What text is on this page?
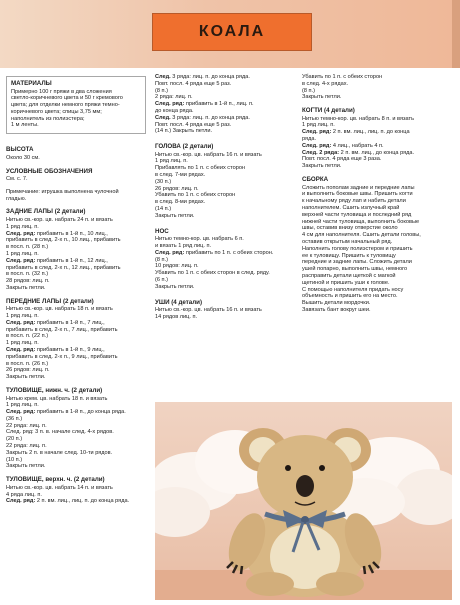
КОАЛА
МАТЕРИАЛЫ
Примерно 100 г пряжи в два сложения
светло-коричневого цвета и 50 г кремового
цвета; для отделки немного пряжи темно-
коричневого цвета; спицы 3,75 мм;
наполнитель из полиэстера;
1 м ленты.
ВЫСОТА
Около 30 см.
УСЛОВНЫЕ ОБОЗНАЧЕНИЯ
См. с. 7.
Примечание: игрушка выполнена чулочной
гладью.
ЗАДНИЕ ЛАПЫ (2 детали)
Нитью св.-кор. цв. набрать 24 п. и вязать
1 ряд лиц. п.
След. ряд: прибавить в 1-й п., 10 лиц.,
прибавить в след. 2-х п., 10 лиц., прибавить
в посл. п. (28 п.)
1 ряд лиц. п.
След. ряд: прибавить в 1-й п., 12 лиц.,
прибавить в след. 2-х п., 12 лиц., прибавить
в посл. п. (32 п.)
28 рядов: лиц. п.
Закрыть петли.
ПЕРЕДНИЕ ЛАПЫ (2 детали)
Нитью св.-кор. цв. набрать 18 п. и вязать
1 ряд лиц. п.
След. ряд: прибавить в 1-й п., 7 лиц.,
прибавить в след. 2-х п., 7 лиц., прибавить
в посл. п. (22 п.)
1 ряд лиц. п.
След. ряд: прибавить в 1-й п., 9 лиц.,
прибавить в след. 2-х п., 9 лиц., прибавить
в посл. п. (26 п.)
26 рядов: лиц. п.
Закрыть петли.
ТУЛОВИЩЕ, нижн. ч. (2 детали)
Нитью крем. цв. набрать 18 п. и вязать
1 ряд лиц. п.
След. ряд: прибавить в 1-й п., до конца ряда.
(36 п.)
22 ряда: лиц. п.
След. ряд: 3 п. в. начале след. 4-х рядов.
(20 п.)
22 ряда: лиц. п.
Закрыть 2 п. в начале след. 10-ти рядов.
(10 п.)
Закрыть петли.
ТУЛОВИЩЕ, верхн. ч. (2 детали)
Нитью св.-кор. цв. набрать 14 п. и вязать
4 ряда лиц. п.
След. ряд: 2 п. вм. лиц., лиц. п. до конца ряда.
След. 3 ряда: лиц. п. до конца ряда.
Повт. посл. 4 ряда еще 5 раз.
(8 п.)
2 ряда: лиц. п.
След. ряд: прибавить в 1-й п., лиц. п.
до конца ряда.
След. 3 ряда: лиц. п. до конца ряда.
Повт. посл. 4 ряда еще 5 раз.
(14 п.) Закрыть петли.
ГОЛОВА (2 детали)
Нитью св.-кор. цв. набрать 16 п. и вязать
1 ряд лиц. п.
Прибавлять по 1 п. с обеих сторон
в след. 7-ми рядах.
(30 п.)
26 рядов: лиц. п.
Убавить по 1 п. с обеих сторон
в след. 8-ми рядах.
(14 п.)
Закрыть петли.
НОС
Нитью темно-кор. цв. набрать 6 п.
и вязать 1 ряд лиц. п.
След. ряд: прибавить по 1 п. с обеих сторон.
(8 п.)
10 рядов: лиц. п.
Убавить по 1 п. с обеих сторон в след. ряду.
(6 п.)
Закрыть петли.
УШИ (4 детали)
Нитью св.-кор. цв. набрать 16 п. и вязать
14 рядов лиц. п.
Убавить по 1 п. с обеих сторон
в след. 4-х рядах.
(8 п.)
Закрыть петли.
КОГТИ (4 детали)
Нитью темно-кор. цв. набрать 8 п. и вязать
1 ряд лиц. п.
След. ряд: 2 п. вм. лиц., лиц. п. до конца
ряда.
След. ряд: 4 лиц., набрать 4 п.
След. 2 ряда: 2 п. вм. лиц., до конца ряда.
Повт. посл. 4 ряда еще 3 раза.
Закрыть петли.
СБОРКА
Сложить пополам задние и передние лапы
и выполнить боковые швы. Пришить когти
к начальному ряду лап и набить детали
наполнителем. Сшить излучный край
верхней части туловища и последний ряд
нижней части туловища, выполнить боковые
швы, оставив внизу отверстие около
4 см для наполнителя. Сшить детали головы,
оставив открытым начальный ряд.
Наполнить голову полиэстером и пришить
ее к туловищу. Пришить к туловищу
передние и задние лапы. Сложить детали
ушей попарно, выполнить швы, немного
расправить детали щеткой с магкой
щетиной и пришить уши к голове.
С помощью наполнителя придать носу
объемность и пришить его на место.
Вышить детали мордочки.
Завязать бант вокруг шеи.
